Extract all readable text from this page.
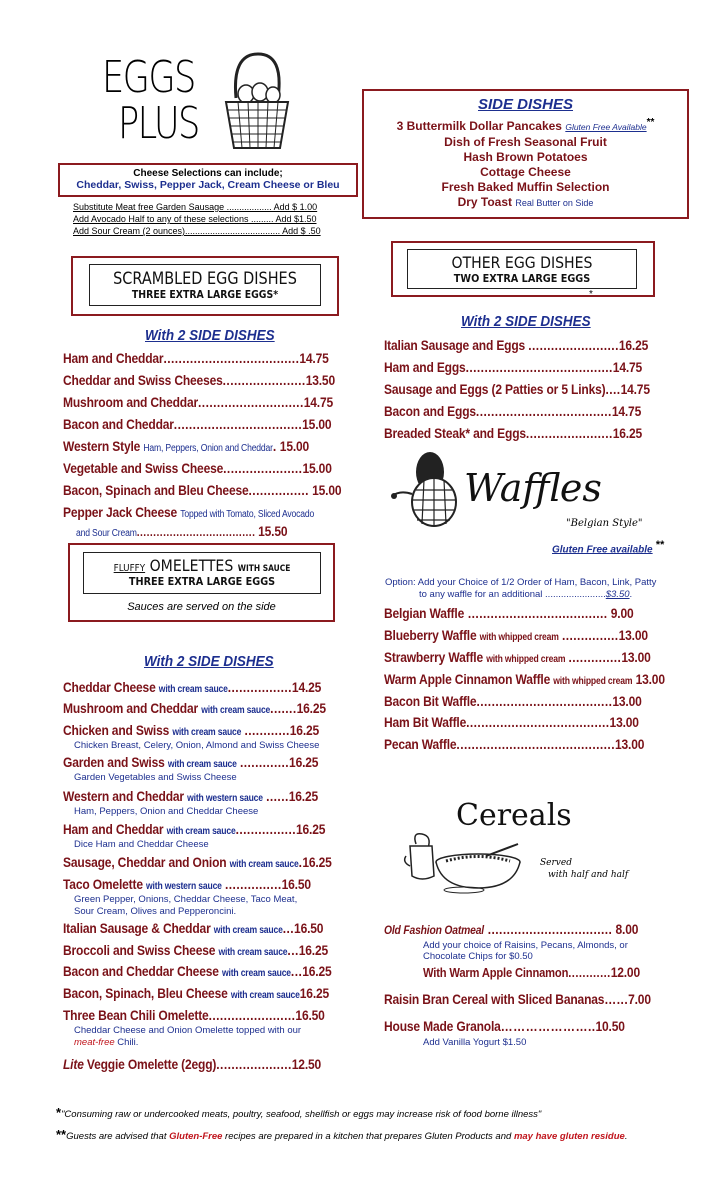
EGGS
PLUS
Cheese Selections can include;
Cheddar, Swiss, Pepper Jack, Cream Cheese or Bleu
Substitute Meat free Garden Sausage .................. Add $ 1.00
Add Avocado Half to any of these selections ......... Add $1.50
Add Sour Cream (2 ounces)...................................... Add $ .50
SIDE DISHES
3 Buttermilk Dollar Pancakes Gluten Free Available**
Dish of Fresh Seasonal Fruit
Hash Brown Potatoes
Cottage Cheese
Fresh Baked Muffin Selection
Dry Toast Real Butter on Side
SCRAMBLED EGG DISHES
THREE EXTRA LARGE EGGS*
With 2 SIDE DISHES
Ham and Cheddar....................................14.75
Cheddar and Swiss Cheeses......................13.50
Mushroom and Cheddar............................14.75
Bacon and Cheddar..................................15.00
Western Style Ham, Peppers, Onion and Cheddar. 15.00
Vegetable and Swiss Cheese.....................15.00
Bacon, Spinach and Bleu Cheese................ 15.00
Pepper Jack Cheese Topped with Tomato, Sliced Avocado
and Sour Cream.................................... 15.50
FLUFFY OMELETTES WITH SAUCE
THREE EXTRA LARGE EGGS
Sauces are served on the side
With 2 SIDE DISHES
Cheddar Cheese with cream sauce.................14.25
Mushroom and Cheddar with cream sauce.......16.25
Chicken and Swiss with cream sauce ............16.25
Chicken Breast, Celery, Onion, Almond and Swiss Cheese
Garden and Swiss with cream sauce .............16.25
Garden Vegetables and Swiss Cheese
Western and Cheddar with western sauce ......16.25
Ham, Peppers, Onion and Cheddar Cheese
Ham and Cheddar with cream sauce................16.25
Dice Ham and Cheddar Cheese
Sausage, Cheddar and Onion with cream sauce.16.25
Taco Omelette with western sauce ...............16.50
Green Pepper, Onions, Cheddar Cheese, Taco Meat,
Sour Cream, Olives and Pepperoncini.
Italian Sausage & Cheddar with cream sauce...16.50
Broccoli and Swiss Cheese with cream sauce...16.25
Bacon and Cheddar Cheese with cream sauce...16.25
Bacon, Spinach, Bleu Cheese with cream sauce16.25
Three Bean Chili Omelette.......................16.50
Cheddar Cheese and Onion Omelette topped with our
meat-free Chili.
Lite Veggie Omelette (2egg)....................12.50
OTHER EGG DISHES
TWO EXTRA LARGE EGGS
*
With 2 SIDE DISHES
Italian Sausage and Eggs ........................16.25
Ham and Eggs.......................................14.75
Sausage and Eggs (2 Patties or 5 Links)....14.75
Bacon and Eggs....................................14.75
Breaded Steak* and Eggs.......................16.25
Waffles
"Belgian Style"
Gluten Free available **
Option: Add your Choice of 1/2 Order of Ham, Bacon, Link, Patty
to any waffle for an additional .......................$3.50.
Belgian Waffle ..................................... 9.00
Blueberry Waffle with whipped cream ...............13.00
Strawberry Waffle with whipped cream ..............13.00
Warm Apple Cinnamon Waffle with whipped cream 13.00
Bacon Bit Waffle....................................13.00
Ham Bit Waffle......................................13.00
Pecan Waffle..........................................13.00
Cereals
Served
with half and half
Old Fashion Oatmeal ................................. 8.00
Add your choice of Raisins, Pecans, Almonds, or
Chocolate Chips for $0.50
With Warm Apple Cinnamon............12.00
Raisin Bran Cereal with Sliced Bananas…...7.00
House Made Granola…………………..10.50
Add Vanilla Yogurt $1.50
*"Consuming raw or undercooked meats, poultry, seafood, shellfish or eggs may increase risk of food borne illness"
**Guests are advised that Gluten-Free recipes are prepared in a kitchen that prepares Gluten Products and may have gluten residue.
